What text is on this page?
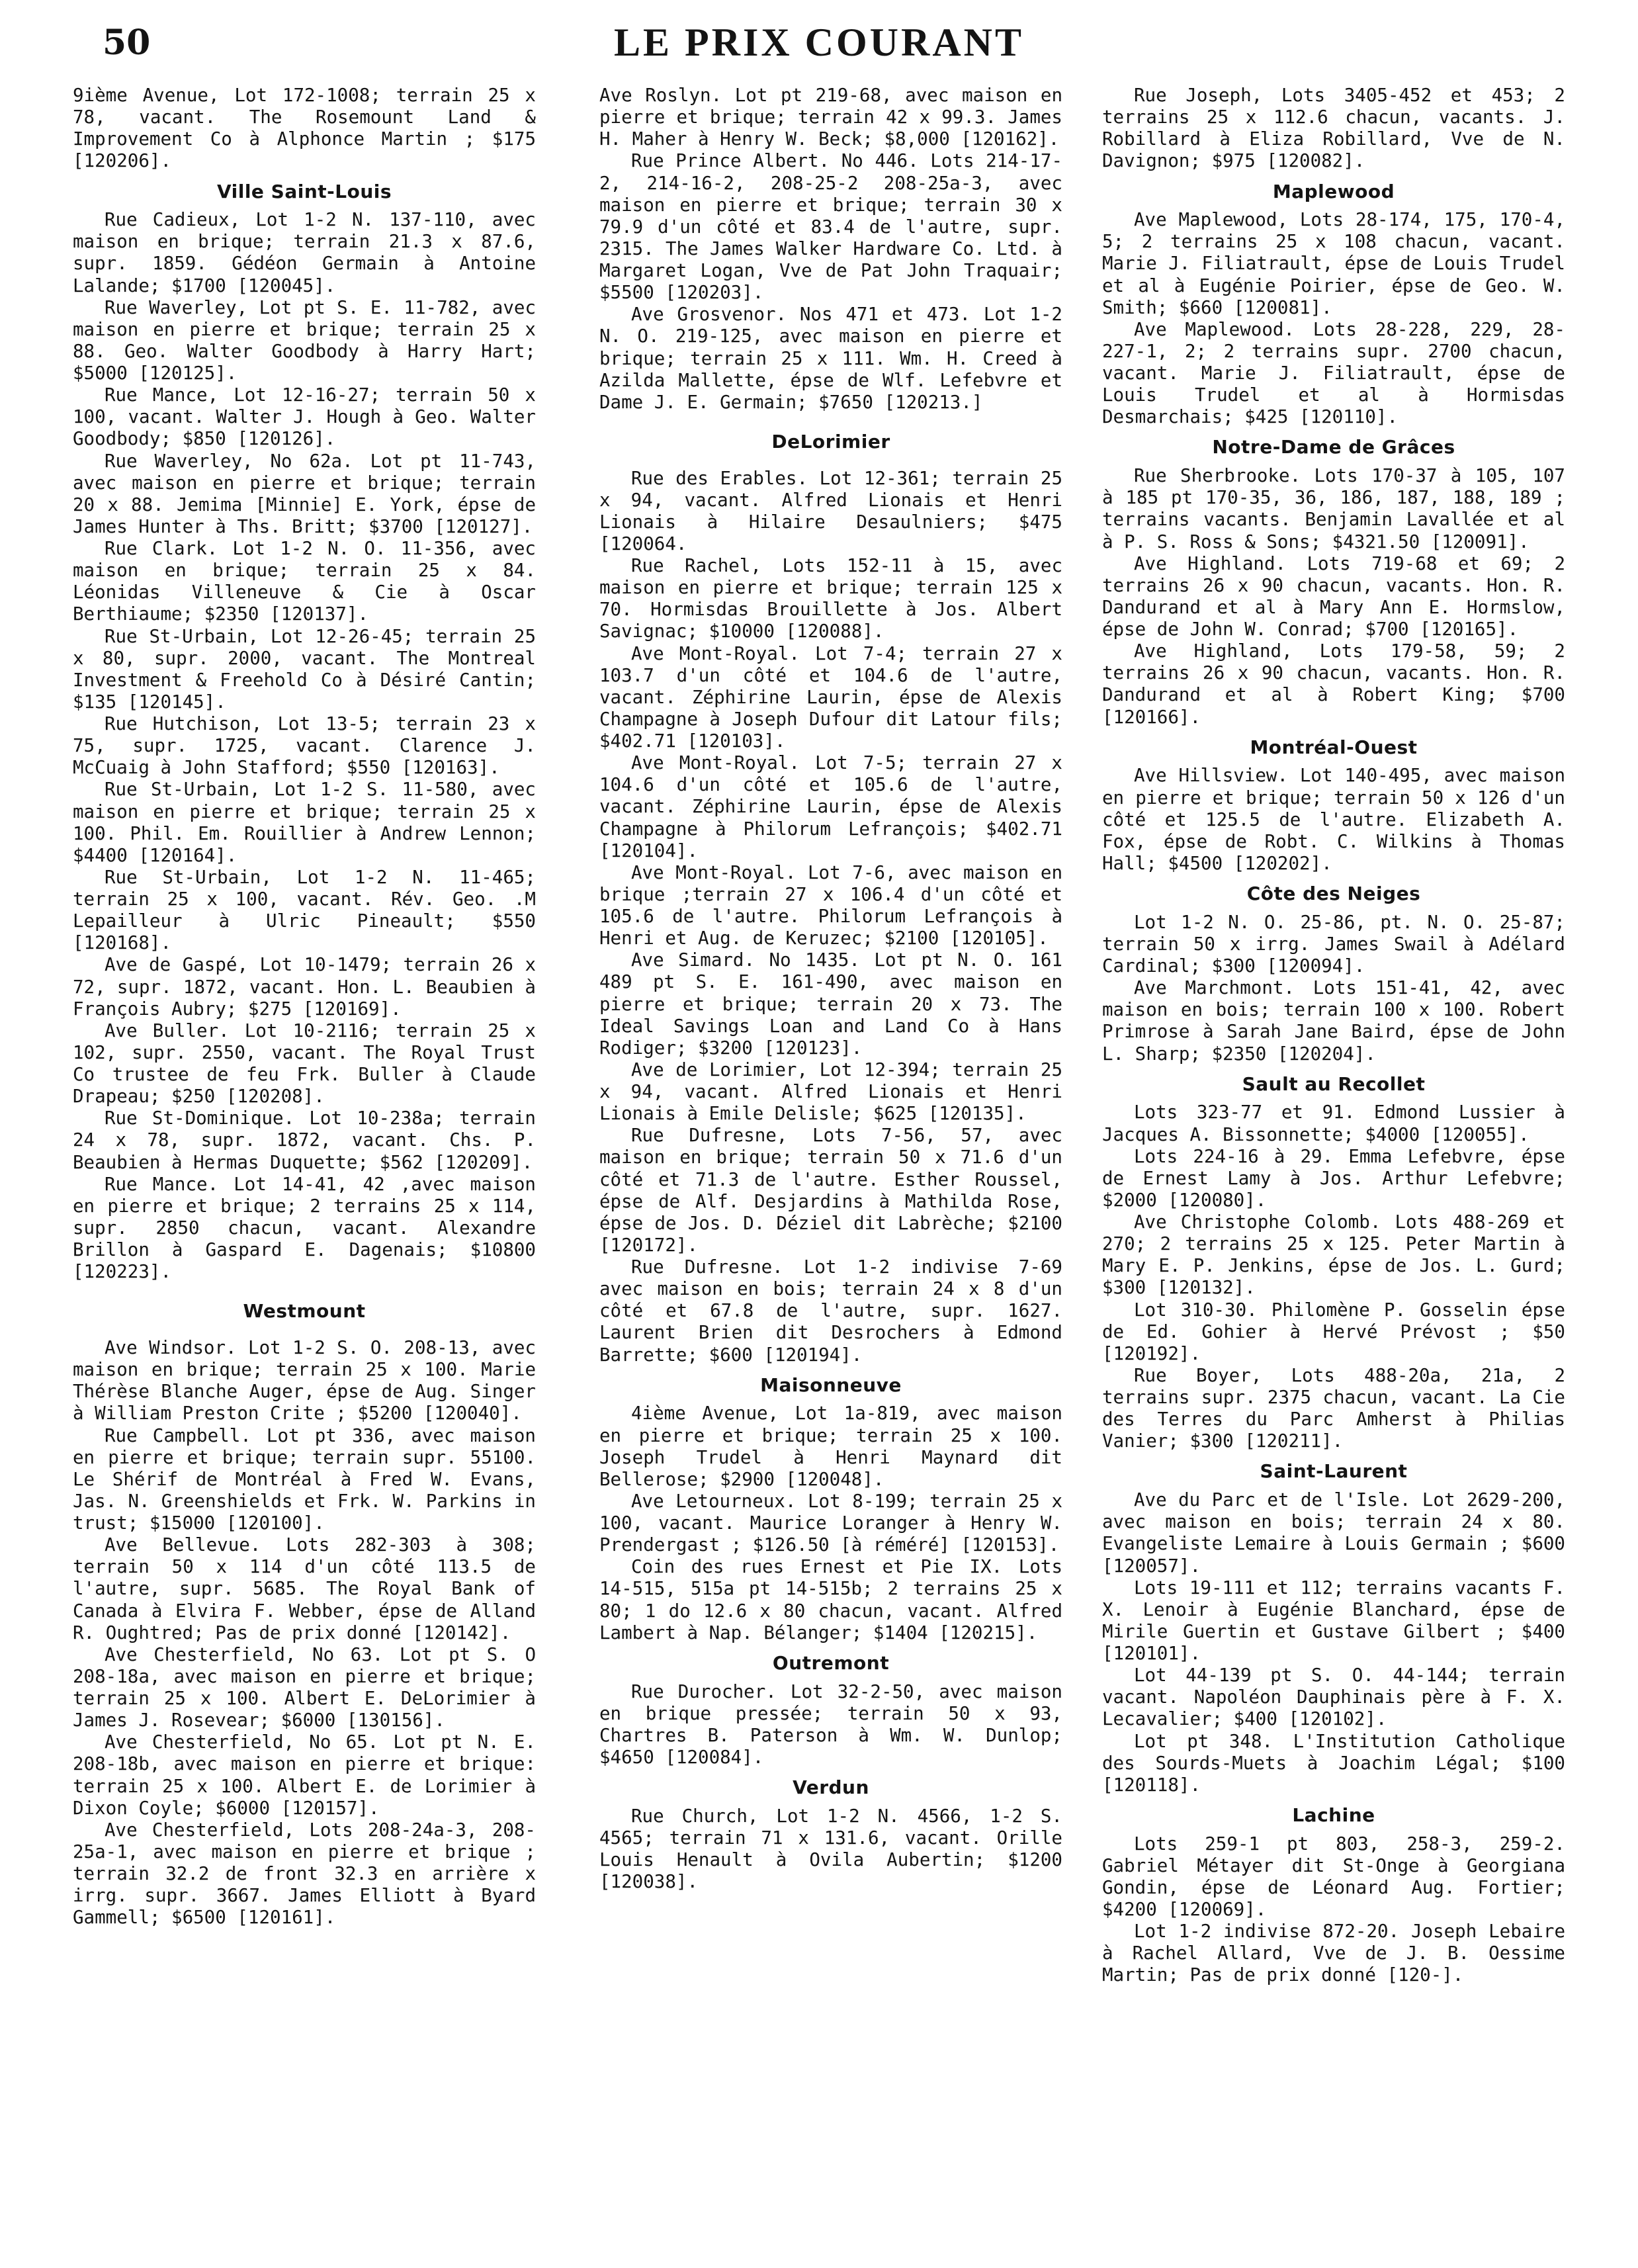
50	LE PRIX COURANT
9ième Avenue, Lot 172-1008; terrain 25 x 78, vacant. The Rosemount Land & Improvement Co à Alphonce Martin ; $175 [120206].
Ville Saint-Louis
Rue Cadieux, Lot 1-2 N. 137-110, avec maison en brique; terrain 21.3 x 87.6, supr. 1859. Gédéon Germain à Antoine Lalande; $1700 [120045].
Rue Waverley, Lot pt S. E. 11-782, avec maison en pierre et brique; terrain 25 x 88. Geo. Walter Goodbody à Harry Hart; $5000 [120125].
Rue Mance, Lot 12-16-27; terrain 50 x 100, vacant. Walter J. Hough à Geo. Walter Goodbody; $850 [120126].
Rue Waverley, No 62a. Lot pt 11-743, avec maison en pierre et brique; terrain 20 x 88. Jemima [Minnie] E. York, épse de James Hunter à Ths. Britt; $3700 [120127].
Rue Clark. Lot 1-2 N. O. 11-356, avec maison en brique; terrain 25 x 84. Léonidas Villeneuve & Cie à Oscar Berthiaume; $2350 [120137].
Rue St-Urbain, Lot 12-26-45; terrain 25 x 80, supr. 2000, vacant. The Montreal Investment & Freehold Co à Désiré Cantin; $135 [120145].
Rue Hutchison, Lot 13-5; terrain 23 x 75, supr. 1725, vacant. Clarence J. McCuaig à John Stafford; $550 [120163].
Rue St-Urbain, Lot 1-2 S. 11-580, avec maison en pierre et brique; terrain 25 x 100. Phil. Em. Rouillier à Andrew Lennon; $4400 [120164].
Rue St-Urbain, Lot 1-2 N. 11-465; terrain 25 x 100, vacant. Rév. Geo. .M Lepailleur à Ulric Pineault; $550 [120168].
Ave de Gaspé, Lot 10-1479; terrain 26 x 72, supr. 1872, vacant. Hon. L. Beaubien à François Aubry; $275 [120169].
Ave Buller. Lot 10-2116; terrain 25 x 102, supr. 2550, vacant. The Royal Trust Co trustee de feu Frk. Buller à Claude Drapeau; $250 [120208].
Rue St-Dominique. Lot 10-238a; terrain 24 x 78, supr. 1872, vacant. Chs. P. Beaubien à Hermas Duquette; $562 [120209].
Rue Mance. Lot 14-41, 42 ,avec maison en pierre et brique; 2 terrains 25 x 114, supr. 2850 chacun, vacant. Alexandre Brillon à Gaspard E. Dagenais; $10800 [120223].
Westmount
Ave Windsor. Lot 1-2 S. O. 208-13, avec maison en brique; terrain 25 x 100. Marie Thérèse Blanche Auger, épse de Aug. Singer à William Preston Crite ; $5200 [120040].
Rue Campbell. Lot pt 336, avec maison en pierre et brique; terrain supr. 55100. Le Shérif de Montréal à Fred W. Evans, Jas. N. Greenshields et Frk. W. Parkins in trust; $15000 [120100].
Ave Bellevue. Lots 282-303 à 308; terrain 50 x 114 d'un côté 113.5 de l'autre, supr. 5685. The Royal Bank of Canada à Elvira F. Webber, épse de Alland R. Oughtred; Pas de prix donné [120142].
Ave Chesterfield, No 63. Lot pt S. O 208-18a, avec maison en pierre et brique; terrain 25 x 100. Albert E. DeLorimier à James J. Rosevear; $6000 [130156].
Ave Chesterfield, No 65. Lot pt N. E. 208-18b, avec maison en pierre et brique: terrain 25 x 100. Albert E. de Lorimier à Dixon Coyle; $6000 [120157].
Ave Chesterfield, Lots 208-24a-3, 208-25a-1, avec maison en pierre et brique ; terrain 32.2 de front 32.3 en arrière x irrg. supr. 3667. James Elliott à Byard Gammell; $6500 [120161].
Ave Roslyn. Lot pt 219-68, avec maison en pierre et brique; terrain 42 x 99.3. James H. Maher à Henry W. Beck; $8,000 [120162].
Rue Prince Albert. No 446. Lots 214-17-2, 214-16-2, 208-25-2 208-25a-3, avec maison en pierre et brique; terrain 30 x 79.9 d'un côté et 83.4 de l'autre, supr. 2315. The James Walker Hardware Co. Ltd. à Margaret Logan, Vve de Pat John Traquair; $5500 [120203].
Ave Grosvenor. Nos 471 et 473. Lot 1-2 N. O. 219-125, avec maison en pierre et brique; terrain 25 x 111. Wm. H. Creed à Azilda Mallette, épse de Wlf. Lefebvre et Dame J. E. Germain; $7650 [120213.]
DeLorimier
Rue des Erables. Lot 12-361; terrain 25 x 94, vacant. Alfred Lionais et Henri Lionais à Hilaire Desaulniers; $475 [120064.
Rue Rachel, Lots 152-11 à 15, avec maison en pierre et brique; terrain 125 x 70. Hormisdas Brouillette à Jos. Albert Savignac; $10000 [120088].
Ave Mont-Royal. Lot 7-4; terrain 27 x 103.7 d'un côté et 104.6 de l'autre, vacant. Zéphirine Laurin, épse de Alexis Champagne à Joseph Dufour dit Latour fils; $402.71 [120103].
Ave Mont-Royal. Lot 7-5; terrain 27 x 104.6 d'un côté et 105.6 de l'autre, vacant. Zéphirine Laurin, épse de Alexis Champagne à Philorum Lefrançois; $402.71 [120104].
Ave Mont-Royal. Lot 7-6, avec maison en brique ;terrain 27 x 106.4 d'un côté et 105.6 de l'autre. Philorum Lefrançois à Henri et Aug. de Keruzec; $2100 [120105].
Ave Simard. No 1435. Lot pt N. O. 161 489 pt S. E. 161-490, avec maison en pierre et brique; terrain 20 x 73. The Ideal Savings Loan and Land Co à Hans Rodiger; $3200 [120123].
Ave de Lorimier, Lot 12-394; terrain 25 x 94, vacant. Alfred Lionais et Henri Lionais à Emile Delisle; $625 [120135].
Rue Dufresne, Lots 7-56, 57, avec maison en brique; terrain 50 x 71.6 d'un côté et 71.3 de l'autre. Esther Roussel, épse de Alf. Desjardins à Mathilda Rose, épse de Jos. D. Déziel dit Labrèche; $2100 [120172].
Rue Dufresne. Lot 1-2 indivise 7-69 avec maison en bois; terrain 24 x 8 d'un côté et 67.8 de l'autre, supr. 1627. Laurent Brien dit Desrochers à Edmond Barrette; $600 [120194].
Maisonneuve
4ième Avenue, Lot 1a-819, avec maison en pierre et brique; terrain 25 x 100. Joseph Trudel à Henri Maynard dit Bellerose; $2900 [120048].
Ave Letourneux. Lot 8-199; terrain 25 x 100, vacant. Maurice Loranger à Henry W. Prendergast ; $126.50 [à réméré] [120153].
Coin des rues Ernest et Pie IX. Lots 14-515, 515a pt 14-515b; 2 terrains 25 x 80; 1 do 12.6 x 80 chacun, vacant. Alfred Lambert à Nap. Bélanger; $1404 [120215].
Outremont
Rue Durocher. Lot 32-2-50, avec maison en brique pressée; terrain 50 x 93, Chartres B. Paterson à Wm. W. Dunlop; $4650 [120084].
Verdun
Rue Church, Lot 1-2 N. 4566, 1-2 S. 4565; terrain 71 x 131.6, vacant. Orille Louis Henault à Ovila Aubertin; $1200 [120038].
Rue Joseph, Lots 3405-452 et 453; 2 terrains 25 x 112.6 chacun, vacants. J. Robillard à Eliza Robillard, Vve de N. Davignon; $975 [120082].
Maplewood
Ave Maplewood, Lots 28-174, 175, 170-4, 5; 2 terrains 25 x 108 chacun, vacant. Marie J. Filiatrault, épse de Louis Trudel et al à Eugénie Poirier, épse de Geo. W. Smith; $660 [120081].
Ave Maplewood. Lots 28-228, 229, 28-227-1, 2; 2 terrains supr. 2700 chacun, vacant. Marie J. Filiatrault, épse de Louis Trudel et al à Hormisdas Desmarchais; $425 [120110].
Notre-Dame de Grâces
Rue Sherbrooke. Lots 170-37 à 105, 107 à 185 pt 170-35, 36, 186, 187, 188, 189 ; terrains vacants. Benjamin Lavallée et al à P. S. Ross & Sons; $4321.50 [120091].
Ave Highland. Lots 719-68 et 69; 2 terrains 26 x 90 chacun, vacants. Hon. R. Dandurand et al à Mary Ann E. Hormslow, épse de John W. Conrad; $700 [120165].
Ave Highland, Lots 179-58, 59; 2 terrains 26 x 90 chacun, vacants. Hon. R. Dandurand et al à Robert King; $700 [120166].
Montréal-Ouest
Ave Hillsview. Lot 140-495, avec maison en pierre et brique; terrain 50 x 126 d'un côté et 125.5 de l'autre. Elizabeth A. Fox, épse de Robt. C. Wilkins à Thomas Hall; $4500 [120202].
Côte des Neiges
Lot 1-2 N. O. 25-86, pt. N. O. 25-87; terrain 50 x irrg. James Swail à Adélard Cardinal; $300 [120094].
Ave Marchmont. Lots 151-41, 42, avec maison en bois; terrain 100 x 100. Robert Primrose à Sarah Jane Baird, épse de John L. Sharp; $2350 [120204].
Sault au Recollet
Lots 323-77 et 91. Edmond Lussier à Jacques A. Bissonnette; $4000 [120055].
Lots 224-16 à 29. Emma Lefebvre, épse de Ernest Lamy à Jos. Arthur Lefebvre; $2000 [120080].
Ave Christophe Colomb. Lots 488-269 et 270; 2 terrains 25 x 125. Peter Martin à Mary E. P. Jenkins, épse de Jos. L. Gurd; $300 [120132].
Lot 310-30. Philomène P. Gosselin épse de Ed. Gohier à Hervé Prévost ; $50 [120192].
Rue Boyer, Lots 488-20a, 21a, 2 terrains supr. 2375 chacun, vacant. La Cie des Terres du Parc Amherst à Philias Vanier; $300 [120211].
Saint-Laurent
Ave du Parc et de l'Isle. Lot 2629-200, avec maison en bois; terrain 24 x 80. Evangeliste Lemaire à Louis Germain ; $600 [120057].
Lots 19-111 et 112; terrains vacants F. X. Lenoir à Eugénie Blanchard, épse de Mirile Guertin et Gustave Gilbert ; $400 [120101].
Lot 44-139 pt S. O. 44-144; terrain vacant. Napoléon Dauphinais père à F. X. Lecavalier; $400 [120102].
Lot pt 348. L'Institution Catholique des Sourds-Muets à Joachim Légal; $100 [120118].
Lachine
Lots 259-1 pt 803, 258-3, 259-2. Gabriel Métayer dit St-Onge à Georgiana Gondin, épse de Léonard Aug. Fortier; $4200 [120069].
Lot 1-2 indivise 872-20. Joseph Lebaire à Rachel Allard, Vve de J. B. Oessime Martin; Pas de prix donné [120-].
